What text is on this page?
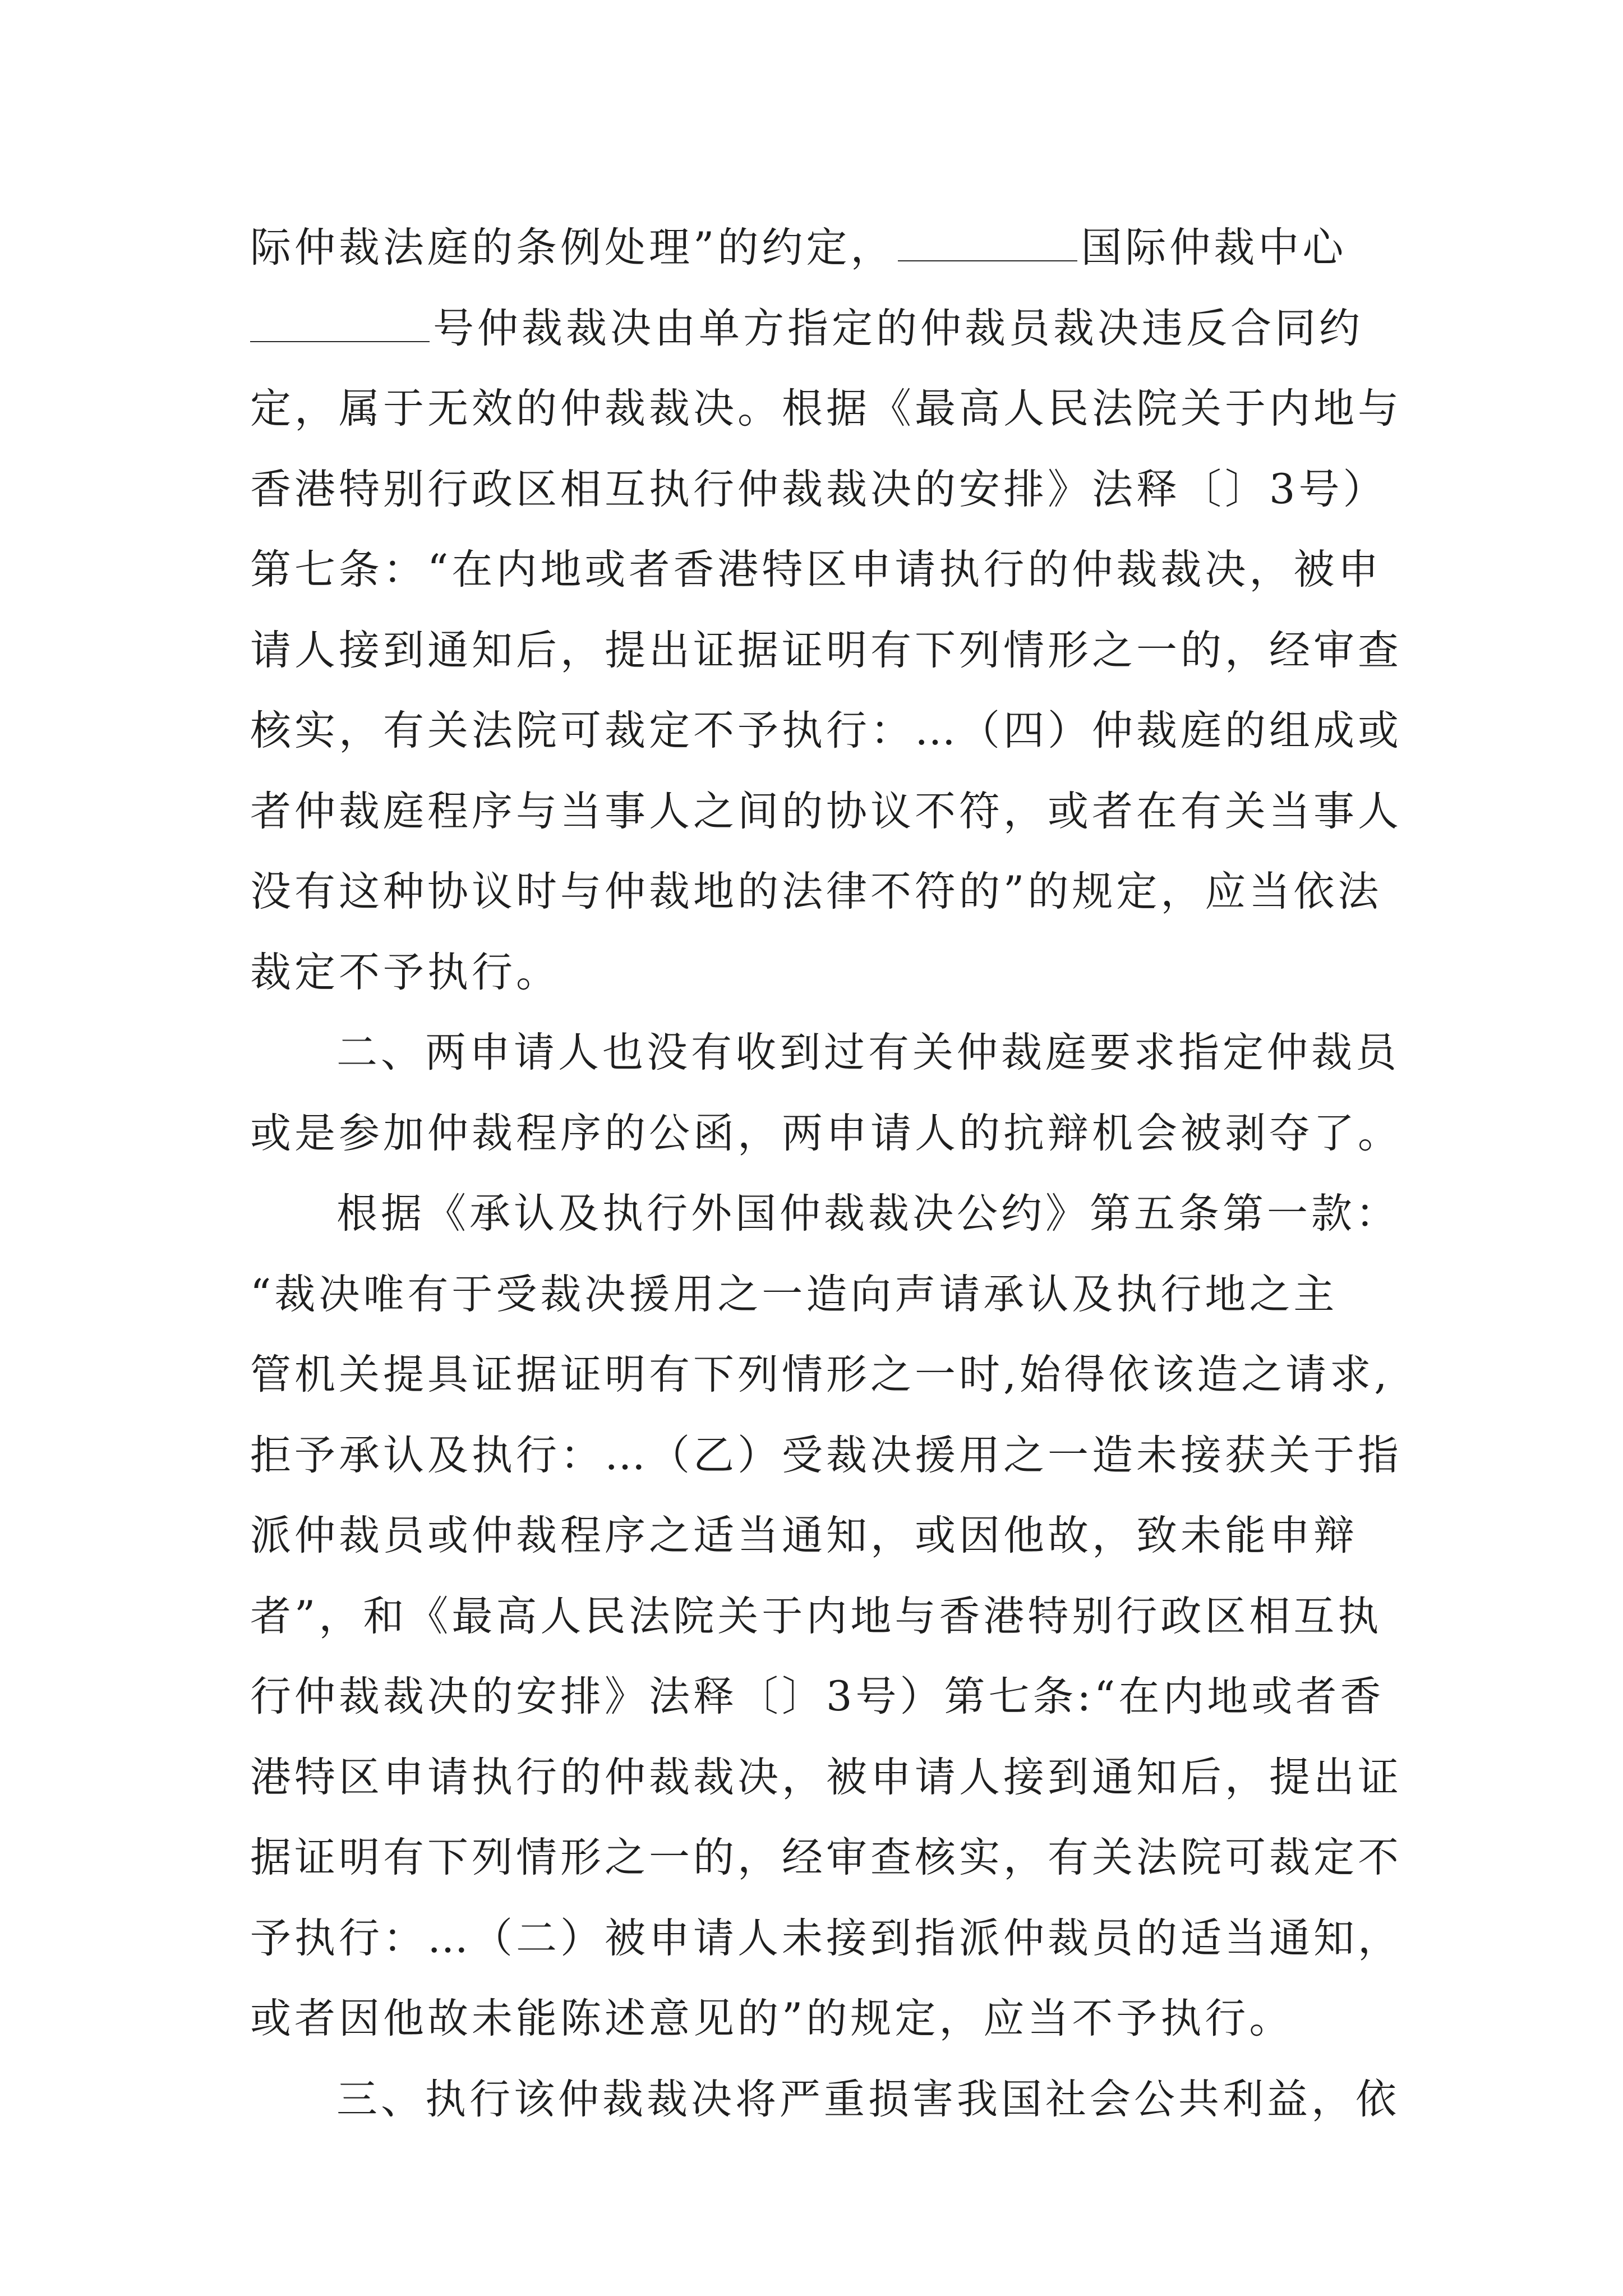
际仲裁法庭的条例处理”的约定，	国际仲裁中心
号仲裁裁决由单方指定的仲裁员裁决违反合同约
定，属于无效的仲裁裁决。根据《最高人民法院关于内地与
香港特别行政区相互执行仲裁裁决的安排》法释〔〕3号）
第七条：“在内地或者香港特区申请执行的仲裁裁决，被申
请人接到通知后，提出证据证明有下列情形之一的，经审查
核实，有关法院可裁定不予执行：…（四）仲裁庭的组成或
者仲裁庭程序与当事人之间的协议不符，或者在有关当事人
没有这种协议时与仲裁地的法律不符的”的规定，应当依法
裁定不予执行。
二、两申请人也没有收到过有关仲裁庭要求指定仲裁员
或是参加仲裁程序的公函，两申请人的抗辩机会被剥夺了。
根据《承认及执行外国仲裁裁决公约》第五条第一款：
“裁决唯有于受裁决援用之一造向声请承认及执行地之主
管机关提具证据证明有下列情形之一时,始得依该造之请求,
拒予承认及执行：…（乙）受裁决援用之一造未接获关于指
派仲裁员或仲裁程序之适当通知，或因他故，致未能申辩
者”，和《最高人民法院关于内地与香港特别行政区相互执
行仲裁裁决的安排》法释〔〕3号）第七条:“在内地或者香
港特区申请执行的仲裁裁决，被申请人接到通知后，提出证
据证明有下列情形之一的，经审查核实，有关法院可裁定不
予执行：…（二）被申请人未接到指派仲裁员的适当通知，
或者因他故未能陈述意见的”的规定，应当不予执行。
三、执行该仲裁裁决将严重损害我国社会公共利益，依
